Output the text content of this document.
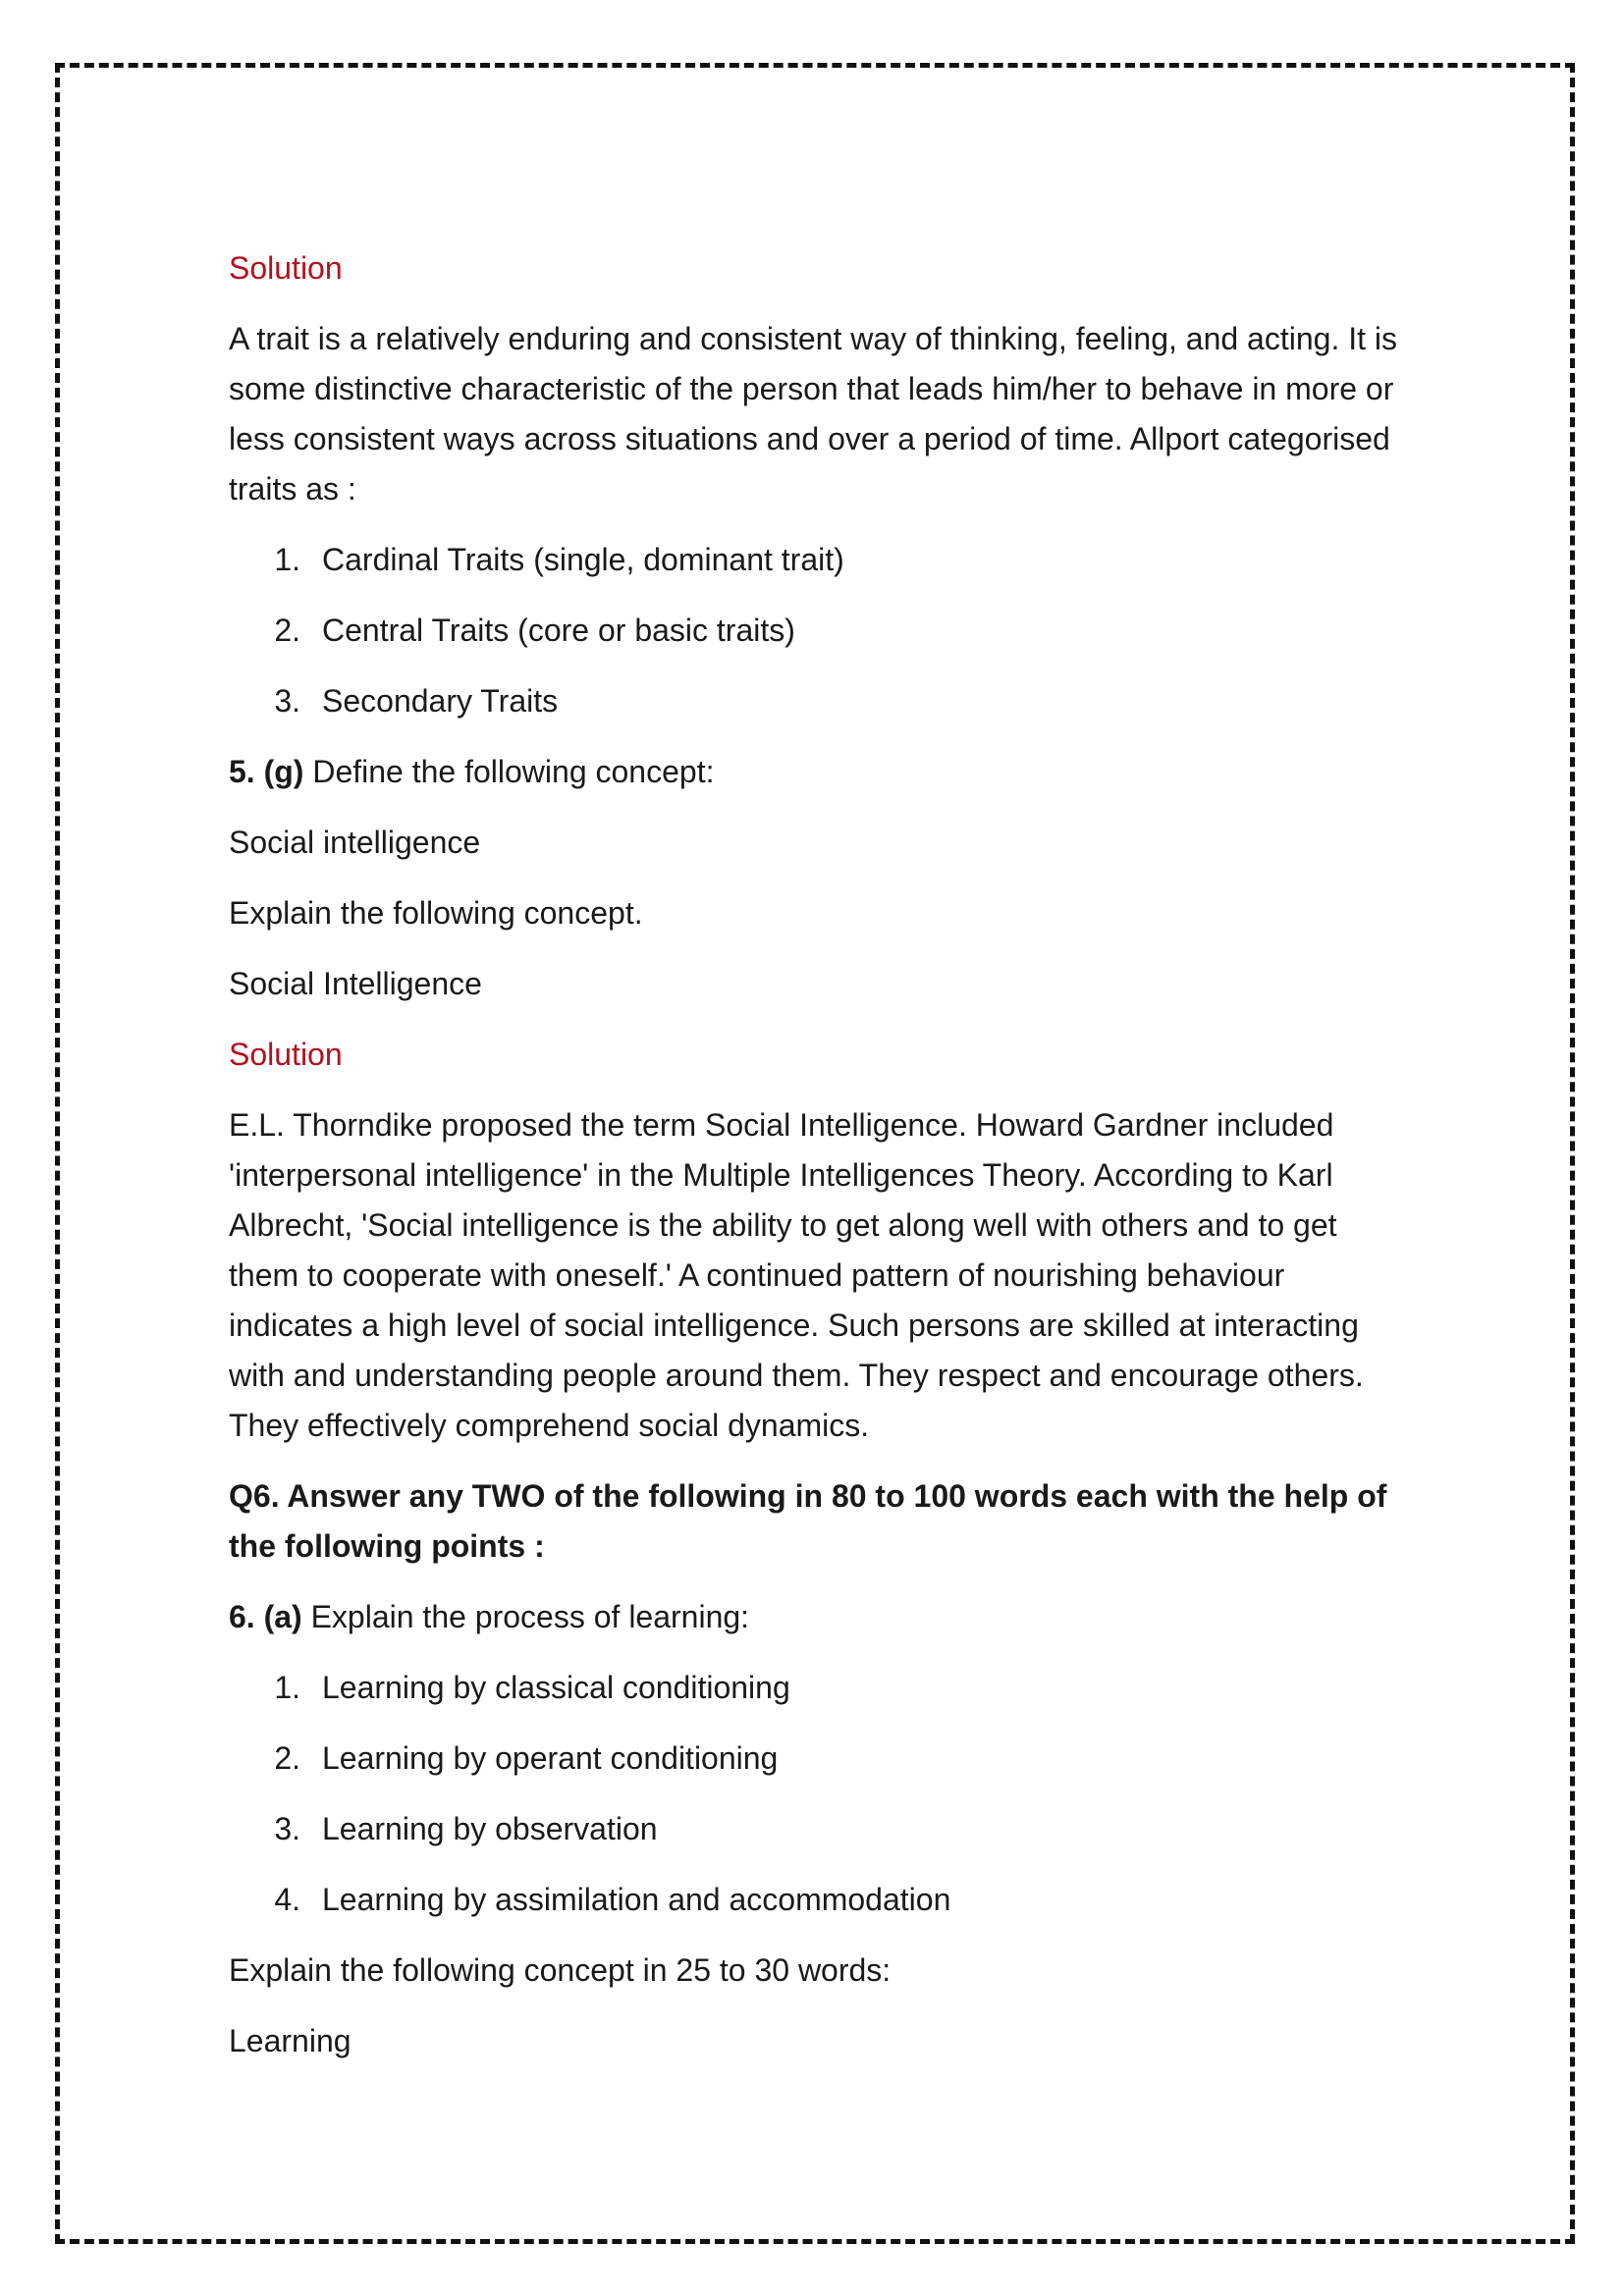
Solution
A trait is a relatively enduring and consistent way of thinking, feeling, and acting. It is some distinctive characteristic of the person that leads him/her to behave in more or less consistent ways across situations and over a period of time. Allport categorised traits as :
1. Cardinal Traits (single, dominant trait)
2. Central Traits (core or basic traits)
3. Secondary Traits
5. (g) Define the following concept:
Social intelligence
Explain the following concept.
Social Intelligence
Solution
E.L. Thorndike proposed the term Social Intelligence. Howard Gardner included 'interpersonal intelligence' in the Multiple Intelligences Theory. According to Karl Albrecht, 'Social intelligence is the ability to get along well with others and to get them to cooperate with oneself.' A continued pattern of nourishing behaviour indicates a high level of social intelligence. Such persons are skilled at interacting with and understanding people around them. They respect and encourage others. They effectively comprehend social dynamics.
Q6. Answer any TWO of the following in 80 to 100 words each with the help of the following points :
6. (a) Explain the process of learning:
1. Learning by classical conditioning
2. Learning by operant conditioning
3. Learning by observation
4. Learning by assimilation and accommodation
Explain the following concept in 25 to 30 words:
Learning
